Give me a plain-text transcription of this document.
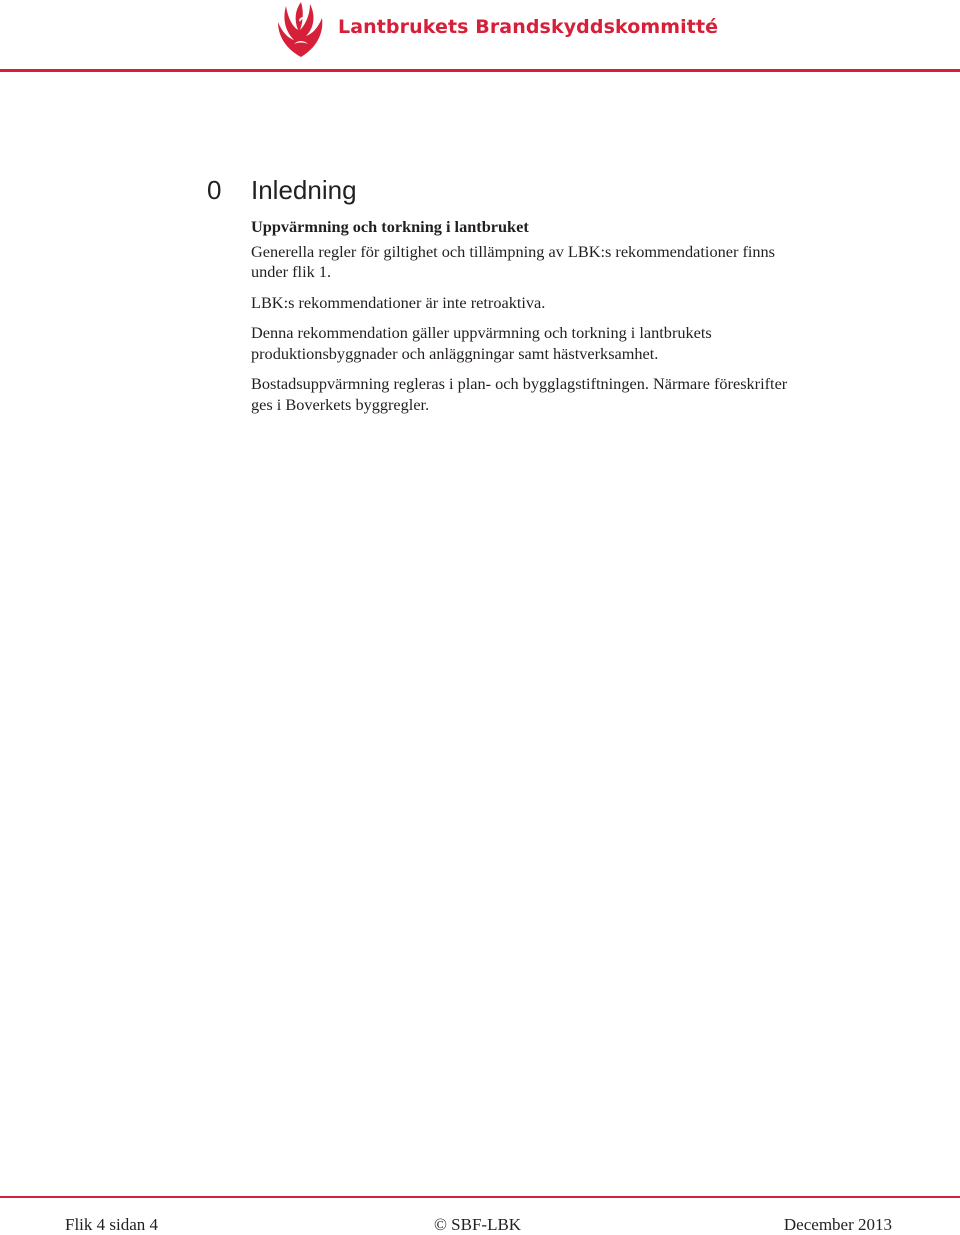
Lantbrukets Brandskyddskommitté
0 Inledning
Uppvärmning och torkning i lantbruket

Generella regler för giltighet och tillämpning av LBK:s rekommendationer finns under flik 1.

LBK:s rekommendationer är inte retroaktiva.

Denna rekommendation gäller uppvärmning och torkning i lantbrukets produktionsbyggnader och anläggningar samt hästverksamhet.

Bostadsuppvärmning regleras i plan- och bygglagstiftningen. Närmare föreskrifter ges i Boverkets byggregler.

Flik 4 sidan 4	© SBF-LBK	December 2013
